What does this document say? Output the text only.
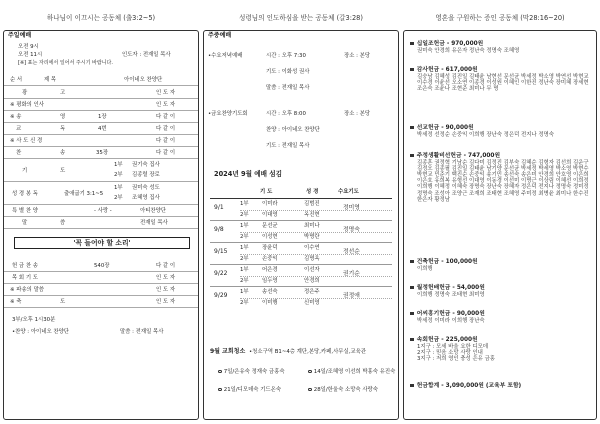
하나님이 이끄시는 공동체 (출3:2~5)
주일예배
오전 9시
오전 11시	인도자 : 전재일 목사
[※] 표는 자리에서 일어서 주시기 바랍니다.
순 서	제 목	아이네오 찬양단
광	고	인 도 자
※ 평화의 인사	인 도 자
※ 송	영	1장	다 같 이
교	독	4번	다 같 이
※ 사 도 신 경	다 같 이
찬	송	35장	다 같 이
기	도
1부 권기숙 집사
2부 김종렬 장로
성 경 봉 독	출애굽기 3:1~5
1부 권미숙 성도
2부 조혜영 집사
특 별 찬 양	- 사랑 -	아티찬양단
말	씀	전재일 목사
'꼭 들어야 할 소리'
헌 금 찬 송	540장	다 같 이
목 회 기 도	인 도 자
※ 파송의 말씀	인 도 자
※ 축	도	인 도 자
3부/오후 1시30분
•찬양 : 아이네오 찬양단	말씀 : 전재일 목사
성령님의 인도하심을 받는 공동체 (갈3:28)
주중예배
•수요저녁예배	시간 : 오후 7:30	장소 : 본당
기도 : 이화성 권사
말씀 : 전재일 목사
•금요찬양기도회	시간 : 오후 8:00	장소 : 본당
찬양 : 아이네오 찬양단
기도 : 전재일 목사
2024년 9월 예배 섬김
기 도	성 경	수요기도
9/1	1부 이미라	김범진
2부 이대영	옥진현
정미영
9/8	1부 문선균	최미나
2부 이성현	박명란
정명숙
9/15 1부 장윤덕	이수연
2부 손중익	김명옥
정선순
9/22 1부 어은경	이선자
2부 임두영	안경희
권기순
9/29 1부 송선숙	정은주
2부 이미행	신미영
권정애
9월 교회청소 •청소구역 B1~4층 계단,본당,카페,사무실,교육관
7일/은유숙 정재숙 금홍숙	14일/조혜영 이선희 박홍숙 유진숙
21일/디모데숙 기드온숙	28일/한울숙 소망숙 사랑숙
영혼을 구원하는 증인 공동체 (막28:16~20)
십일조헌금 - 970,000원
권미숙 안경희 유은자 정난숙 정명숙 조혜영
감사헌금 - 617,000원
김숭남 김혜성 김진일 김태윤 남현선 문선균 박세정 박소영 박연선 박현교 이수경 이윤선 오소연 이종경 이성원 이혜인 이한진 정난숙 장미혜 장세현 조은숙 조윤나 조현준 최미나 무 명
선교헌금 - 90,000원
박세정 선정순 손중익 이희행 장난숙 정은덕 전지나 정명숙
주정생활비선헌금 - 747,000원
김종혼 권정혁 기남순 김다미 김정진 김부숙 김혜순 김형자 김선희 김운구 김정오 김종필 김진일 김태윤 남기양 문선균 박세정 박세영 박소영 박현수 박현교 민준기 백진순 손중익 송기민 송선숙 송은미 안경희 안호영 이은희 이은호 유희복 유형선 이대영 이동경 이선미 이명근 이상림 이혜선 이희정 이희행 이혜정 이혜숙 장명숙 장난숙 장혜자 정은덕 전지나 정명숙 정미정 정명숙 조성아 조양근 조재희 조태현 조혜영 주미정 최병윤 최미나 한수진 한은자 황정남
건축헌금 - 100,000원
이희행
월정헌배헌금 - 54,000원
이희행 정명숙 조태현 최미영
어씨홍기헌금 - 90,000원
박세정 이미라 이희행 장난숙
속회헌금 - 225,000원
1지구 : 모세 바울 요한 디모데
2지구 : 믿음 소망 사랑 인내
3지구 : 저희 영인 충성 은유 금홍
헌금합계 - 3,090,000원 (교육부 포함)
